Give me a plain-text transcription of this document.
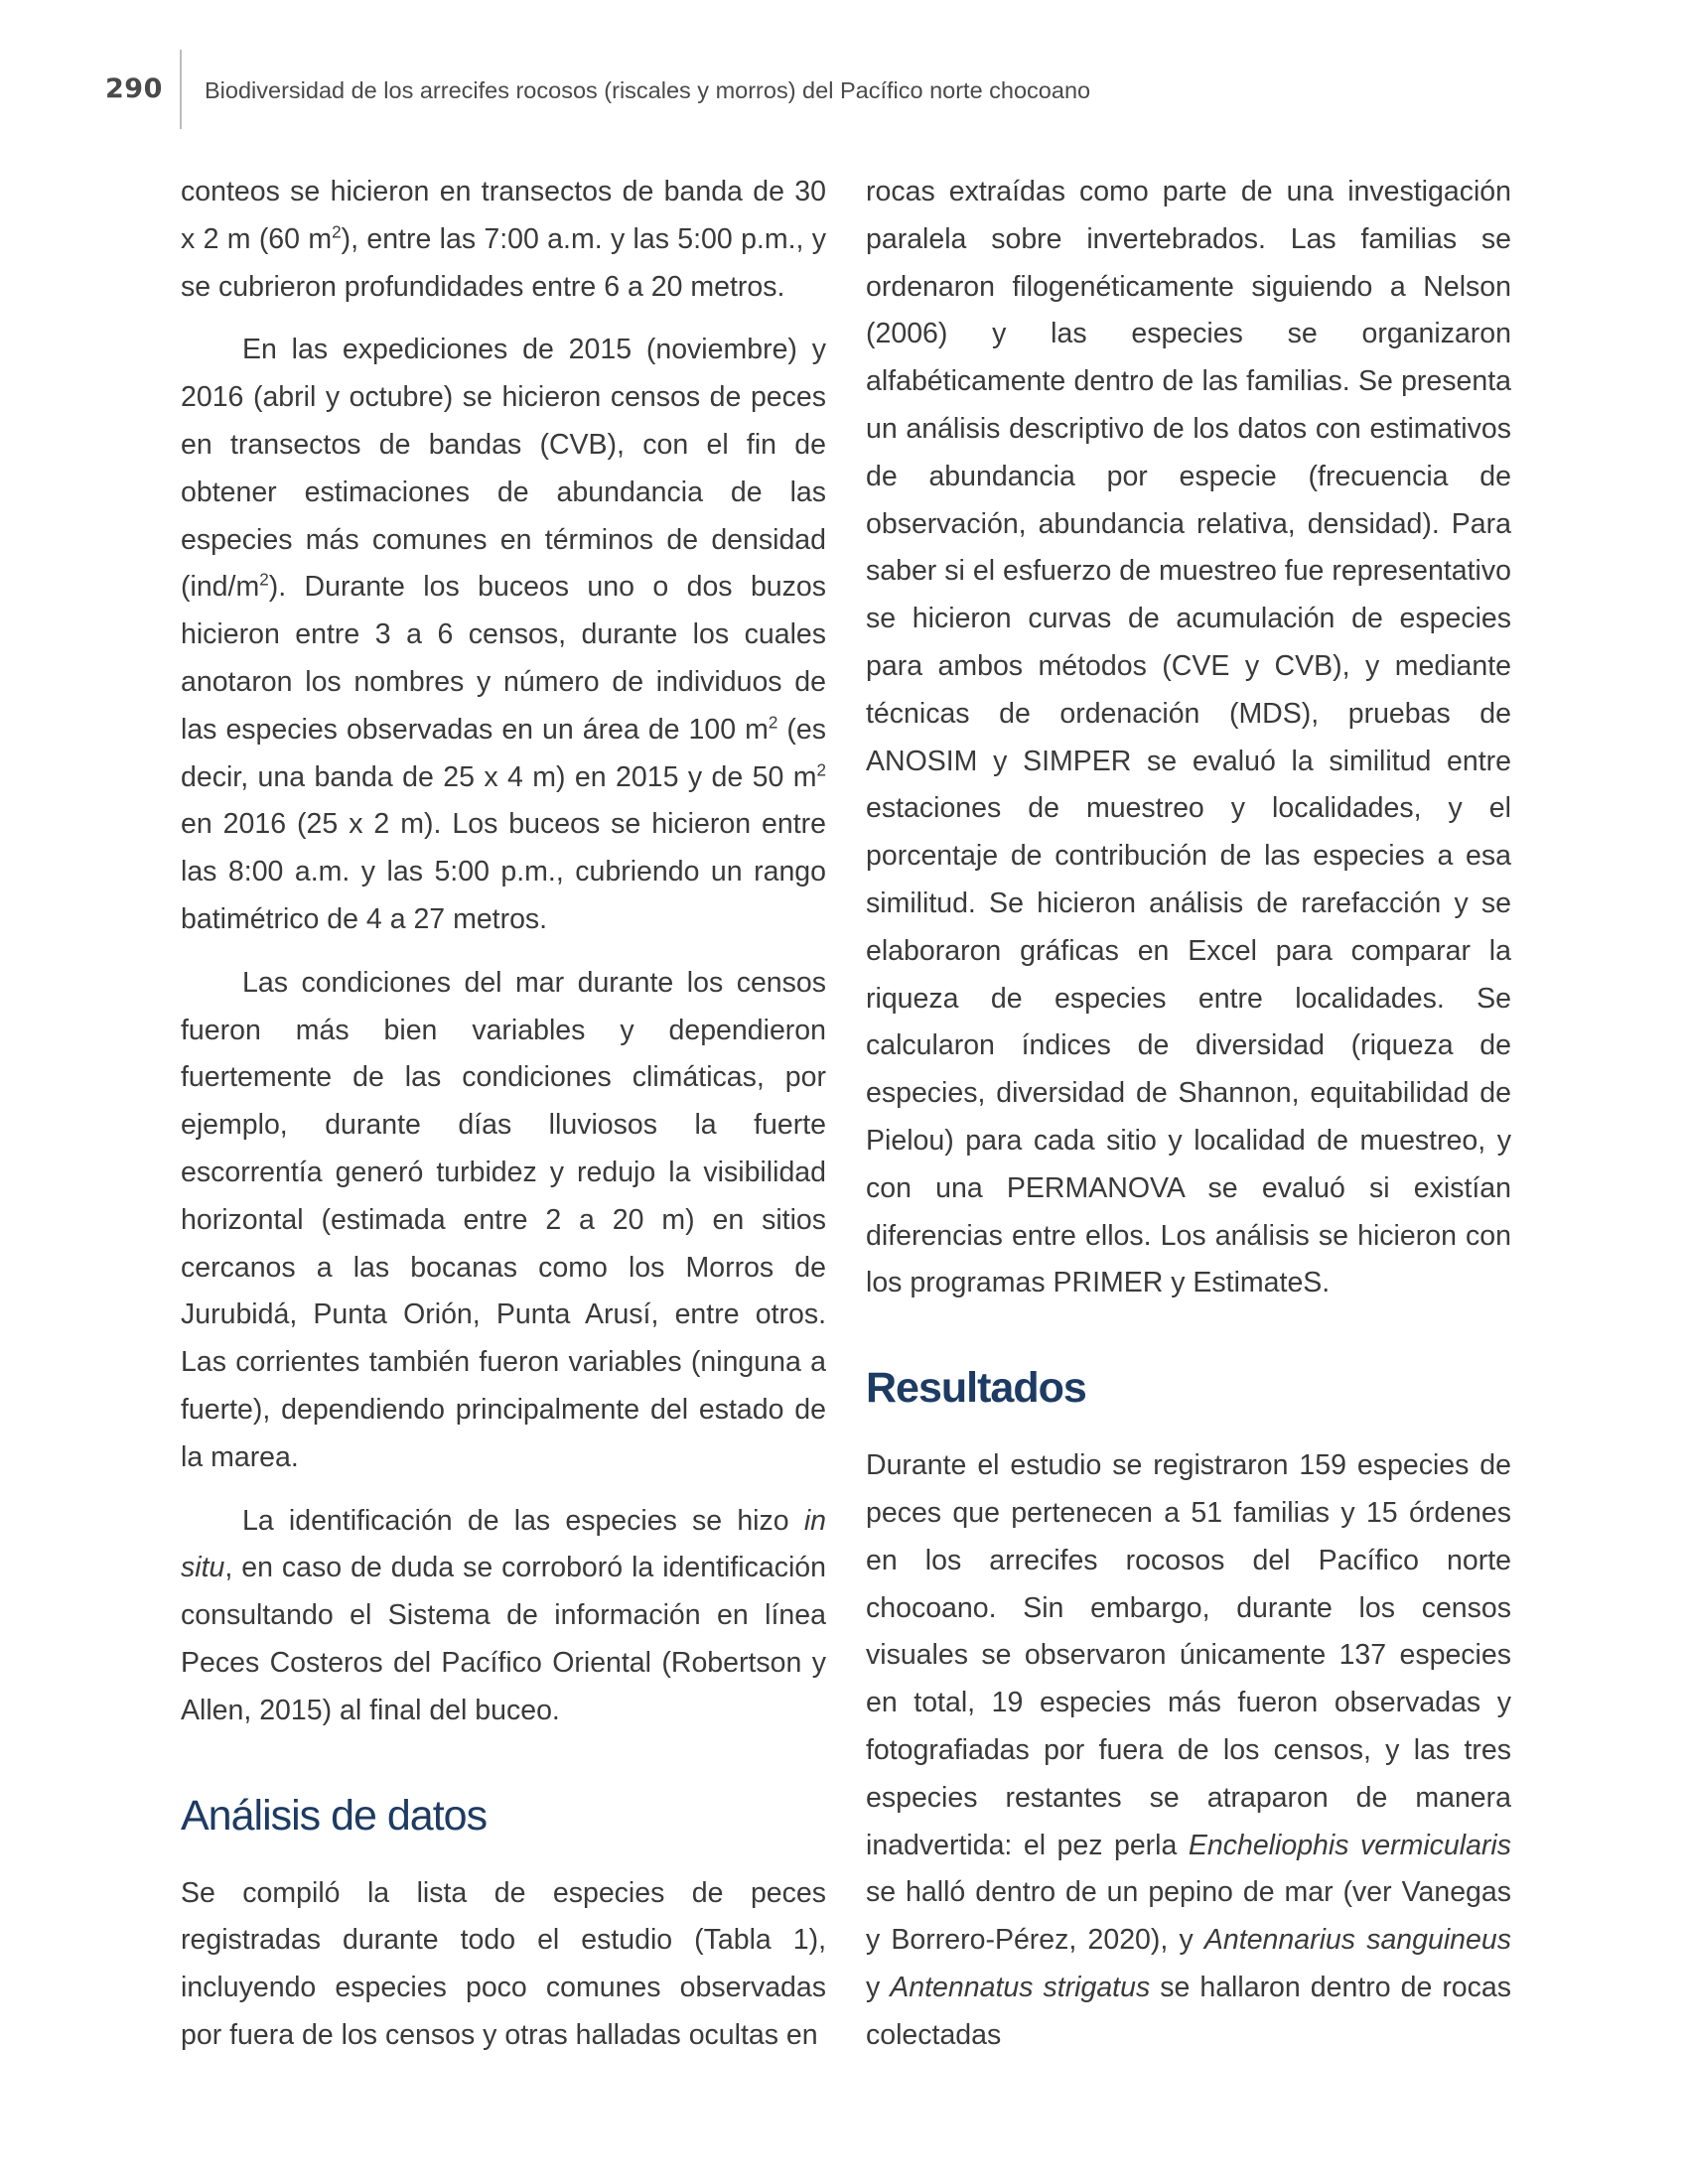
290 Biodiversidad de los arrecifes rocosos (riscales y morros) del Pacífico norte chocoano

conteos se hicieron en transectos de banda de 30 x 2 m (60 $m^2$), entre las 7:00 a.m. y las 5:00 p.m., y se cubrieron profundidades entre 6 a 20 metros.

En las expediciones de 2015 (noviembre) y 2016 (abril y octubre) se hicieron censos de peces en transectos de bandas (CVB), con el fin de obtener estimaciones de abundancia de las especies más comunes en términos de densidad $(ind/m^2)$. Durante los buceos uno o dos buzos hicieron entre 3 a 6 censos, durante los cuales anotaron los nombres y número de individuos de las especies observadas en un área de 100 $m^2$ (es decir, una banda de 25 x 4 m) en 2015 y de 50 $m^2$ en 2016 (25 x 2 m). Los buceos se hicieron entre las 8:00 a.m. y las 5:00 p.m., cubriendo un rango batimétrico de 4 a 27 metros.

Las condiciones del mar durante los censos fueron más bien variables y dependieron fuertemente de las condiciones climáticas, por ejemplo, durante días lluviosos la fuerte escorrentía generó turbidez y redujo la visibilidad horizontal (estimada entre 2 a 20 m) en sitios cercanos a las bocanas como los Morros de Jurubidá, Punta Orión, Punta Arusí, entre otros. Las corrientes también fueron variables (ninguna a fuerte), dependiendo principalmente del estado de la marea.

La identificación de las especies se hizo in situ, en caso de duda se corroboró la identificación consultando el Sistema de información en línea Peces Costeros del Pacífico Oriental (Robertson y Allen, 2015) al final del buceo.

Análisis de datos

Se compiló la lista de especies de peces registradas durante todo el estudio (Tabla 1), incluyendo especies poco comunes observadas por fuera de los censos y otras halladas ocultas en

rocas extraídas como parte de una investigación paralela sobre invertebrados. Las familias se ordenaron filogenéticamente siguiendo a Nelson (2006) y las especies se organizaron alfabéticamente dentro de las familias. Se presenta un análisis descriptivo de los datos con estimativos de abundancia por especie (frecuencia de observación, abundancia relativa, densidad). Para saber si el esfuerzo de muestreo fue representativo se hicieron curvas de acumulación de especies para ambos métodos (CVE y CVB), y mediante técnicas de ordenación (MDS), pruebas de ANOSIM y SIMPER se evaluó la similitud entre estaciones de muestreo y localidades, y el porcentaje de contribución de las especies a esa similitud. Se hicieron análisis de rarefacción y se elaboraron gráficas en Excel para comparar la riqueza de especies entre localidades. Se calcularon índices de diversidad (riqueza de especies, diversidad de Shannon, equitabilidad de Pielou) para cada sitio y localidad de muestreo, y con una PERMANOVA se evaluó si existían diferencias entre ellos. Los análisis se hicieron con los programas PRIMER y EstimateS.

Resultados

Durante el estudio se registraron 159 especies de peces que pertenecen a 51 familias y 15 órdenes en los arrecifes rocosos del Pacífico norte chocoano. Sin embargo, durante los censos visuales se observaron únicamente 137 especies en total, 19 especies más fueron observadas y fotografiadas por fuera de los censos, y las tres especies restantes se atraparon de manera inadvertida: el pez perla Encheliophis vermicularis se halló dentro de un pepino de mar (ver Vanegas y Borrero-Pérez, 2020), y Antennarius sanguineus y Antennatus strigatus se hallaron dentro de rocas colectadas
